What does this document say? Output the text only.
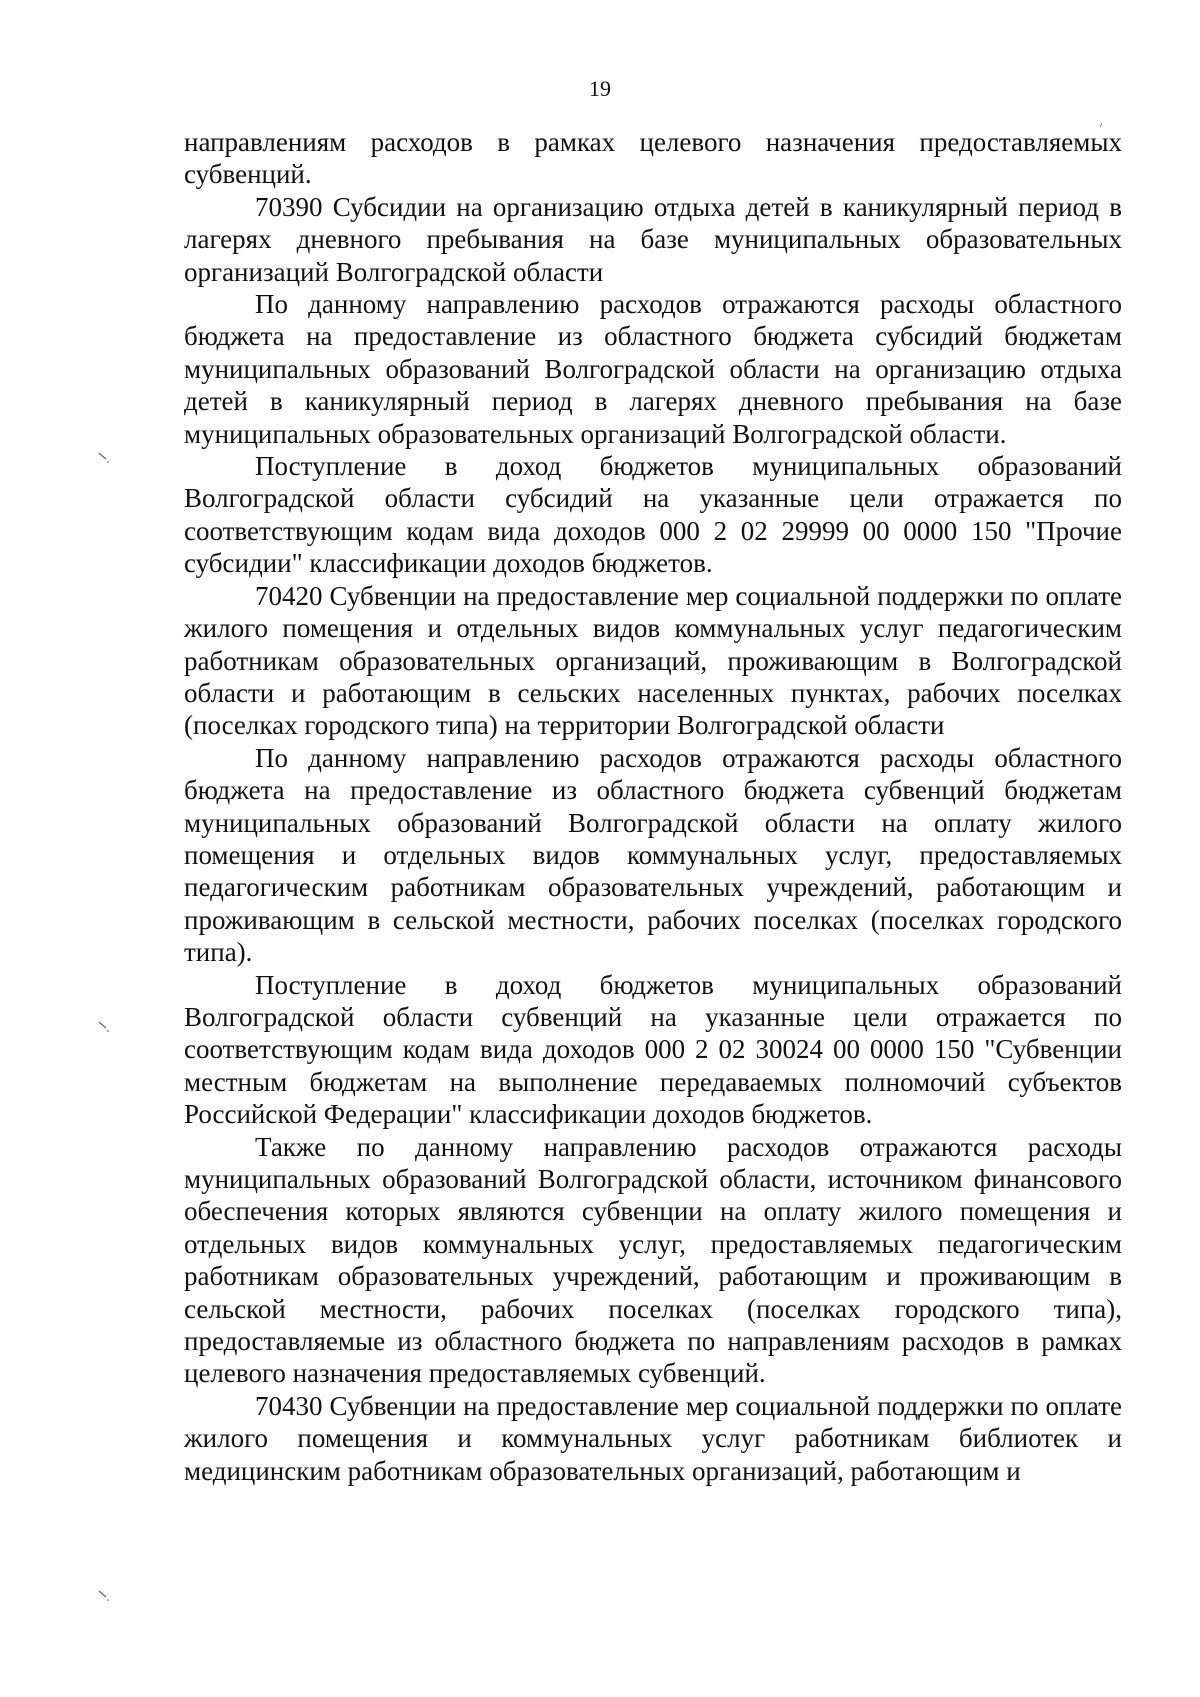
19

направлениям расходов в рамках целевого назначения предоставляемых субвенций.

70390 Субсидии на организацию отдыха детей в каникулярный период в лагерях дневного пребывания на базе муниципальных образовательных организаций Волгоградской области

По данному направлению расходов отражаются расходы областного бюджета на предоставление из областного бюджета субсидий бюджетам муниципальных образований Волгоградской области на организацию отдыха детей в каникулярный период в лагерях дневного пребывания на базе муниципальных образовательных организаций Волгоградской области.

Поступление в доход бюджетов муниципальных образований Волгоградской области субсидий на указанные цели отражается по соответствующим кодам вида доходов 000 2 02 29999 00 0000 150 "Прочие субсидии" классификации доходов бюджетов.

70420 Субвенции на предоставление мер социальной поддержки по оплате жилого помещения и отдельных видов коммунальных услуг педагогическим работникам образовательных организаций, проживающим в Волгоградской области и работающим в сельских населенных пунктах, рабочих поселках (поселках городского типа) на территории Волгоградской области

По данному направлению расходов отражаются расходы областного бюджета на предоставление из областного бюджета субвенций бюджетам муниципальных образований Волгоградской области на оплату жилого помещения и отдельных видов коммунальных услуг, предоставляемых педагогическим работникам образовательных учреждений, работающим и проживающим в сельской местности, рабочих поселках (поселках городского типа).

Поступление в доход бюджетов муниципальных образований Волгоградской области субвенций на указанные цели отражается по соответствующим кодам вида доходов 000 2 02 30024 00 0000 150 "Субвенции местным бюджетам на выполнение передаваемых полномочий субъектов Российской Федерации" классификации доходов бюджетов.

Также по данному направлению расходов отражаются расходы муниципальных образований Волгоградской области, источником финансового обеспечения которых являются субвенции на оплату жилого помещения и отдельных видов коммунальных услуг, предоставляемых педагогическим работникам образовательных учреждений, работающим и проживающим в сельской местности, рабочих поселках (поселках городского типа), предоставляемые из областного бюджета по направлениям расходов в рамках целевого назначения предоставляемых субвенций.

70430 Субвенции на предоставление мер социальной поддержки по оплате жилого помещения и коммунальных услуг работникам библиотек и медицинским работникам образовательных организаций, работающим и
